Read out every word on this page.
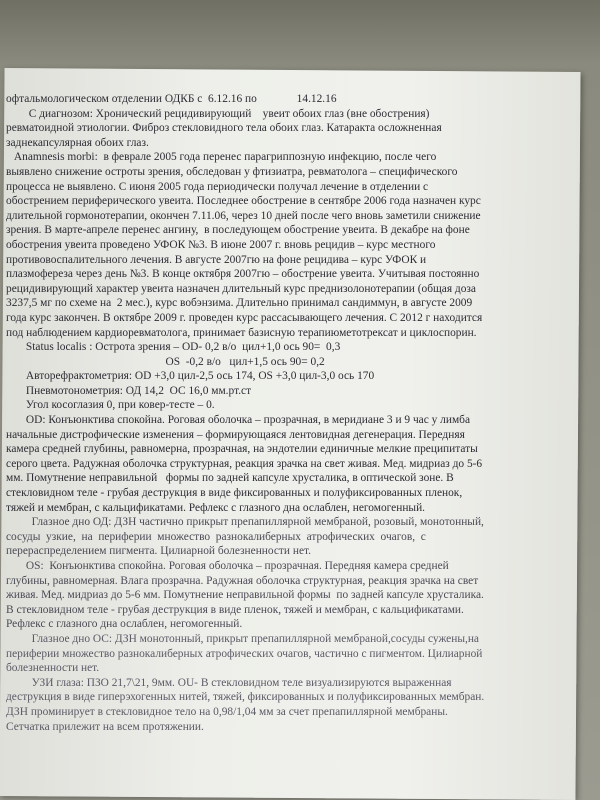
офтальмологическом отделении ОДКБ с  6.12.16 по              14.12.16
С диагнозом: Хронический рецидивирующий    увеит обоих глаз (вне обострения)
ревматоидной этиологии. Фиброз стекловидного тела обоих глаз. Катаракта осложненная
заднекапсулярная обоих глаз.
Anamnesis morbi:  в феврале 2005 года перенес парагриппозную инфекцию, после чего
выявлено снижение остроты зрения, обследован у фтизиатра, ревматолога – специфического
процесса не выявлено. С июня 2005 года периодически получал лечение в отделении с
обострением периферического увеита. Последнее обострение в сентябре 2006 года назначен курс
длительной гормонотерапии, окончен 7.11.06, через 10 дней после чего вновь заметили снижение
зрения. В марте-апреле перенес ангину,  в последующем обострение увеита. В декабре на фоне
обострения увеита проведено УФОК №3. В июне 2007 г. вновь рецидив – курс местного
противовоспалительного лечения. В августе 2007гю на фоне рецидива – курс УФОК и
плазмофереза через день №3. В конце октября 2007гю – обострение увеита. Учитывая постоянно
рецидивирующий характер увеита назначен длительный курс преднизолонотерапии (общая доза
3237,5 мг по схеме на  2 мес.), курс вобэнзима. Длительно принимал сандиммун, в августе 2009
года курс закончен. В октябре 2009 г. проведен курс рассасывающего лечения. С 2012 г находится
под наблюдением кардиоревматолога, принимает базисную терапиюметотрексат и циклоспорин.
Status localis : Острота зрения – OD- 0,2 в/о  цил+1,0 ось 90=  0,3
OS  -0,2 в/о   цил+1,5 ось 90= 0,2
Авторефрактометрия: OD +3,0 цил-2,5 ось 174, OS +3,0 цил-3,0 ось 170
Пневмотонометрия: ОД 14,2  ОС 16,0 мм.рт.ст
Угол косоглазия 0, при ковер-тесте – 0.
OD: Конъюнктива спокойна. Роговая оболочка – прозрачная, в меридиане 3 и 9 час у лимба
начальные дистрофические изменения – формирующаяся лентовидная дегенерация. Передняя
камера средней глубины, равномерна, прозрачная, на эндотелии единичные мелкие преципитаты
серого цвета. Радужная оболочка структурная, реакция зрачка на свет живая. Мед. мидриаз до 5-6
мм. Помутнение неправильной   формы по задней капсуле хрусталика, в оптической зоне. В
стекловидном теле - грубая деструкция в виде фиксированных и полуфиксированных пленок,
тяжей и мембран, с кальцификатами. Рефлекс с глазного дна ослаблен, негомогенный.
Глазное дно ОД: ДЗН частично прикрыт препапиллярной мембраной, розовый, монотонный,
сосуды  узкие,  на  периферии  множество  разнокалиберных  атрофических  очагов,  с
перераспределением пигмента. Цилиарной болезненности нет.
OS:  Конъюнктива спокойна. Роговая оболочка – прозрачная. Передняя камера средней
глубины, равномерная. Влага прозрачна. Радужная оболочка структурная, реакция зрачка на свет
живая. Мед. мидриаз до 5-6 мм. Помутнение неправильной формы  по задней капсуле хрусталика.
В стекловидном теле - грубая деструкция в виде пленок, тяжей и мембран, с кальцификатами.
Рефлекс с глазного дна ослаблен, негомогенный.
Глазное дно ОС: ДЗН монотонный, прикрыт препапиллярной мембраной,сосуды сужены,на
периферии множество разнокалиберных атрофических очагов, частично с пигментом. Цилиарной
болезненности нет.
УЗИ глаза: ПЗО 21,7\21, 9мм. OU- В стекловидном теле визуализируются выраженная
деструкция в виде гиперэхогенных нитей, тяжей, фиксированных и полуфиксированных мембран.
ДЗН проминирует в стекловидное тело на 0,98/1,04 мм за счет препапиллярной мембраны.
Сетчатка прилежит на всем протяжении.
